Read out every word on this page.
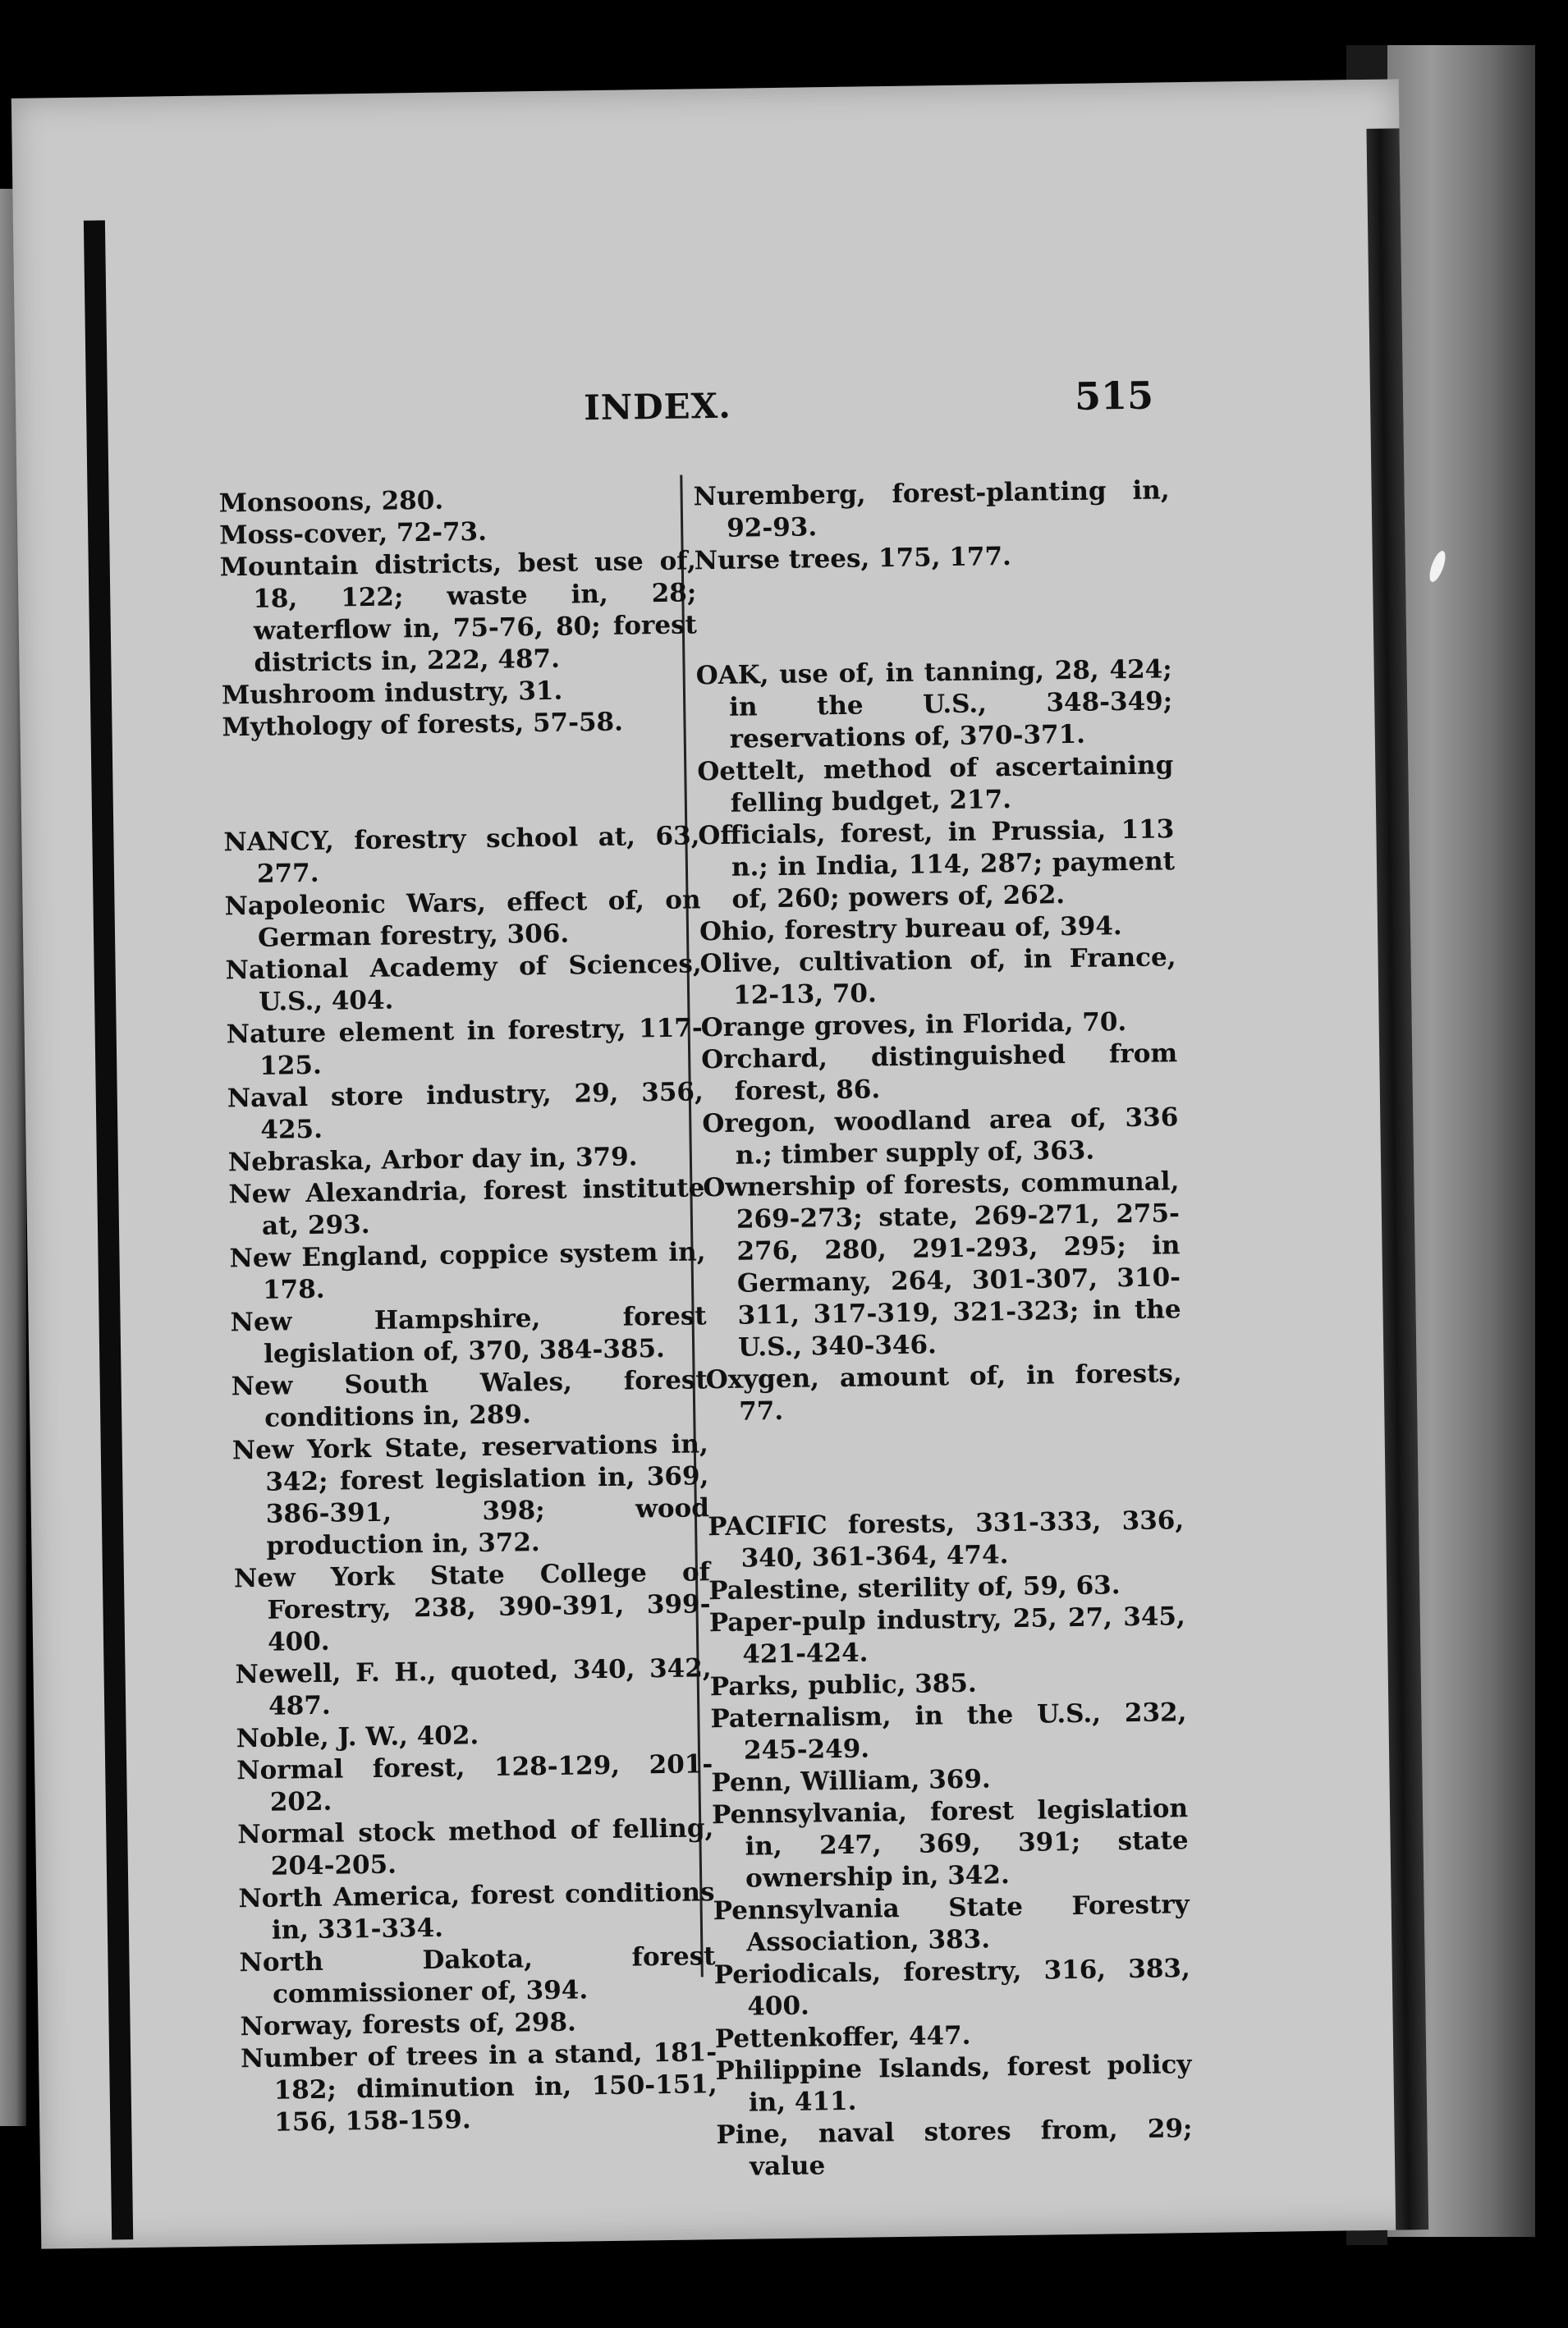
INDEX.	515

Monsoons, 280.

Moss-cover, 72-73.

Mountain districts, best use of, 18, 122; waste in, 28; waterflow in, 75-76, 80; forest districts in, 222, 487.

Mushroom industry, 31.

Mythology of forests, 57-58.

NANCY, forestry school at, 63, 277.

Napoleonic Wars, effect of, on German forestry, 306.

National Academy of Sciences, U.S., 404.

Nature element in forestry, 117-125.

Naval store industry, 29, 356, 425.

Nebraska, Arbor day in, 379.

New Alexandria, forest institute at, 293.

New England, coppice system in, 178.

New Hampshire, forest legislation of, 370, 384-385.

New South Wales, forest conditions in, 289.

New York State, reservations in, 342; forest legislation in, 369, 386-391, 398; wood production in, 372.

New York State College of Forestry, 238, 390-391, 399-400.

Newell, F. H., quoted, 340, 342, 487.

Noble, J. W., 402.

Normal forest, 128-129, 201-202.

Normal stock method of felling, 204-205.

North America, forest conditions in, 331-334.

North Dakota, forest commissioner of, 394.

Norway, forests of, 298.

Number of trees in a stand, 181-182; diminution in, 150-151, 156, 158-159.

Nuremberg, forest-planting in, 92-93.

Nurse trees, 175, 177.

OAK, use of, in tanning, 28, 424; in the U.S., 348-349; reservations of, 370-371.

Oettelt, method of ascertaining felling budget, 217.

Officials, forest, in Prussia, 113 n.; in India, 114, 287; payment of, 260; powers of, 262.

Ohio, forestry bureau of, 394.

Olive, cultivation of, in France, 12-13, 70.

Orange groves, in Florida, 70.

Orchard, distinguished from forest, 86.

Oregon, woodland area of, 336 n.; timber supply of, 363.

Ownership of forests, communal, 269-273; state, 269-271, 275-276, 280, 291-293, 295; in Germany, 264, 301-307, 310-311, 317-319, 321-323; in the U.S., 340-346.

Oxygen, amount of, in forests, 77.

PACIFIC forests, 331-333, 336, 340, 361-364, 474.

Palestine, sterility of, 59, 63.

Paper-pulp industry, 25, 27, 345, 421-424.

Parks, public, 385.

Paternalism, in the U.S., 232, 245-249.

Penn, William, 369.

Pennsylvania, forest legislation in, 247, 369, 391; state ownership in, 342.

Pennsylvania State Forestry Association, 383.

Periodicals, forestry, 316, 383, 400.

Pettenkoffer, 447.

Philippine Islands, forest policy in, 411.

Pine, naval stores from, 29; value
